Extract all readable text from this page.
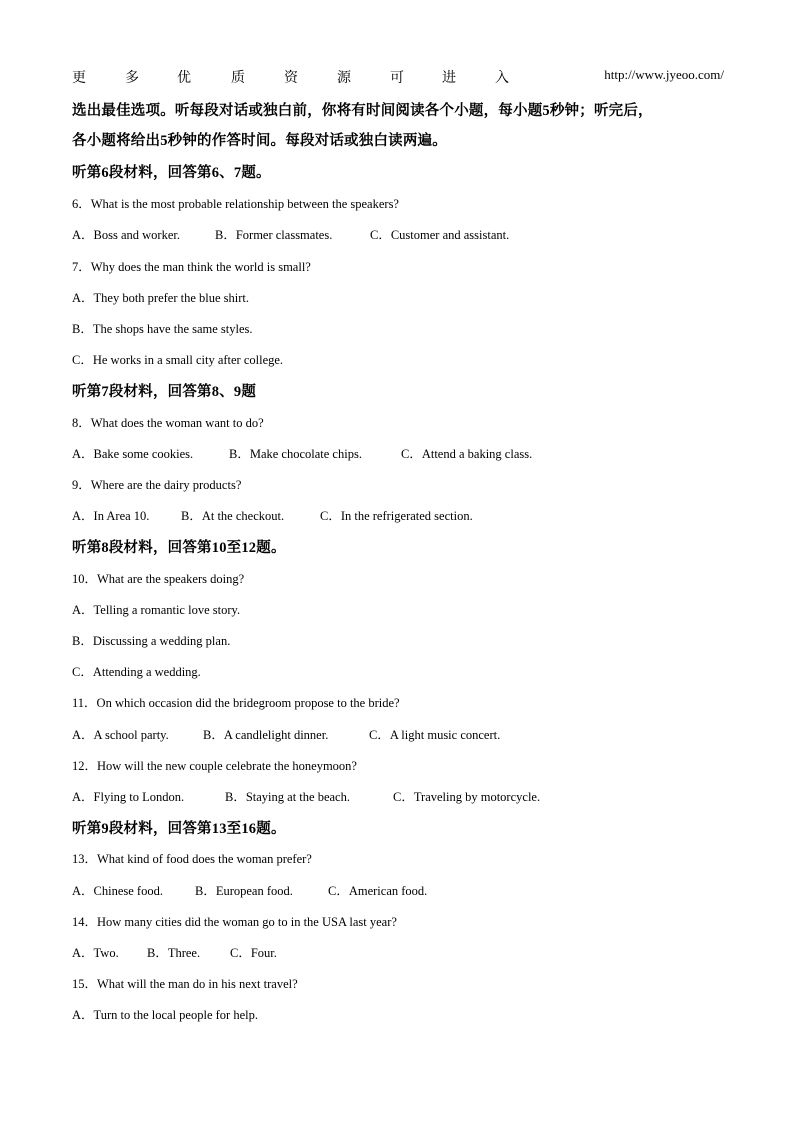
更	多	优	质	资	源	可	进	入	http://www.jyeoo.com/
选出最佳选项。听每段对话或独白前，你将有时间阅读各个小题，每小题5秒钟；听完后，
各小题将给出5秒钟的作答时间。每段对话或独白读两遍。
听第6段材料，回答第6、7题。
6．What is the most probable relationship between the speakers?
A．Boss and worker.	B．Former classmates.	C．Customer and assistant.
7．Why does the man think the world is small?
A．They both prefer the blue shirt.
B．The shops have the same styles.
C．He works in a small city after college.
听第7段材料，回答第8、9题
8．What does the woman want to do?
A．Bake some cookies.	B．Make chocolate chips.	C．Attend a baking class.
9．Where are the dairy products?
A．In Area 10.	B．At the checkout.	C．In the refrigerated section.
听第8段材料，回答第10至12题。
10．What are the speakers doing?
A．Telling a romantic love story.
B．Discussing a wedding plan.
C．Attending a wedding.
11．On which occasion did the bridegroom propose to the bride?
A．A school party.	B．A candlelight dinner.	C．A light music concert.
12．How will the new couple celebrate the honeymoon?
A．Flying to London.	B．Staying at the beach.	C．Traveling by motorcycle.
听第9段材料，回答第13至16题。
13．What kind of food does the woman prefer?
A．Chinese food.	B．European food.	C．American food.
14．How many cities did the woman go to in the USA last year?
A．Two. B．Three. C．Four.
15．What will the man do in his next travel?
A．Turn to the local people for help.
